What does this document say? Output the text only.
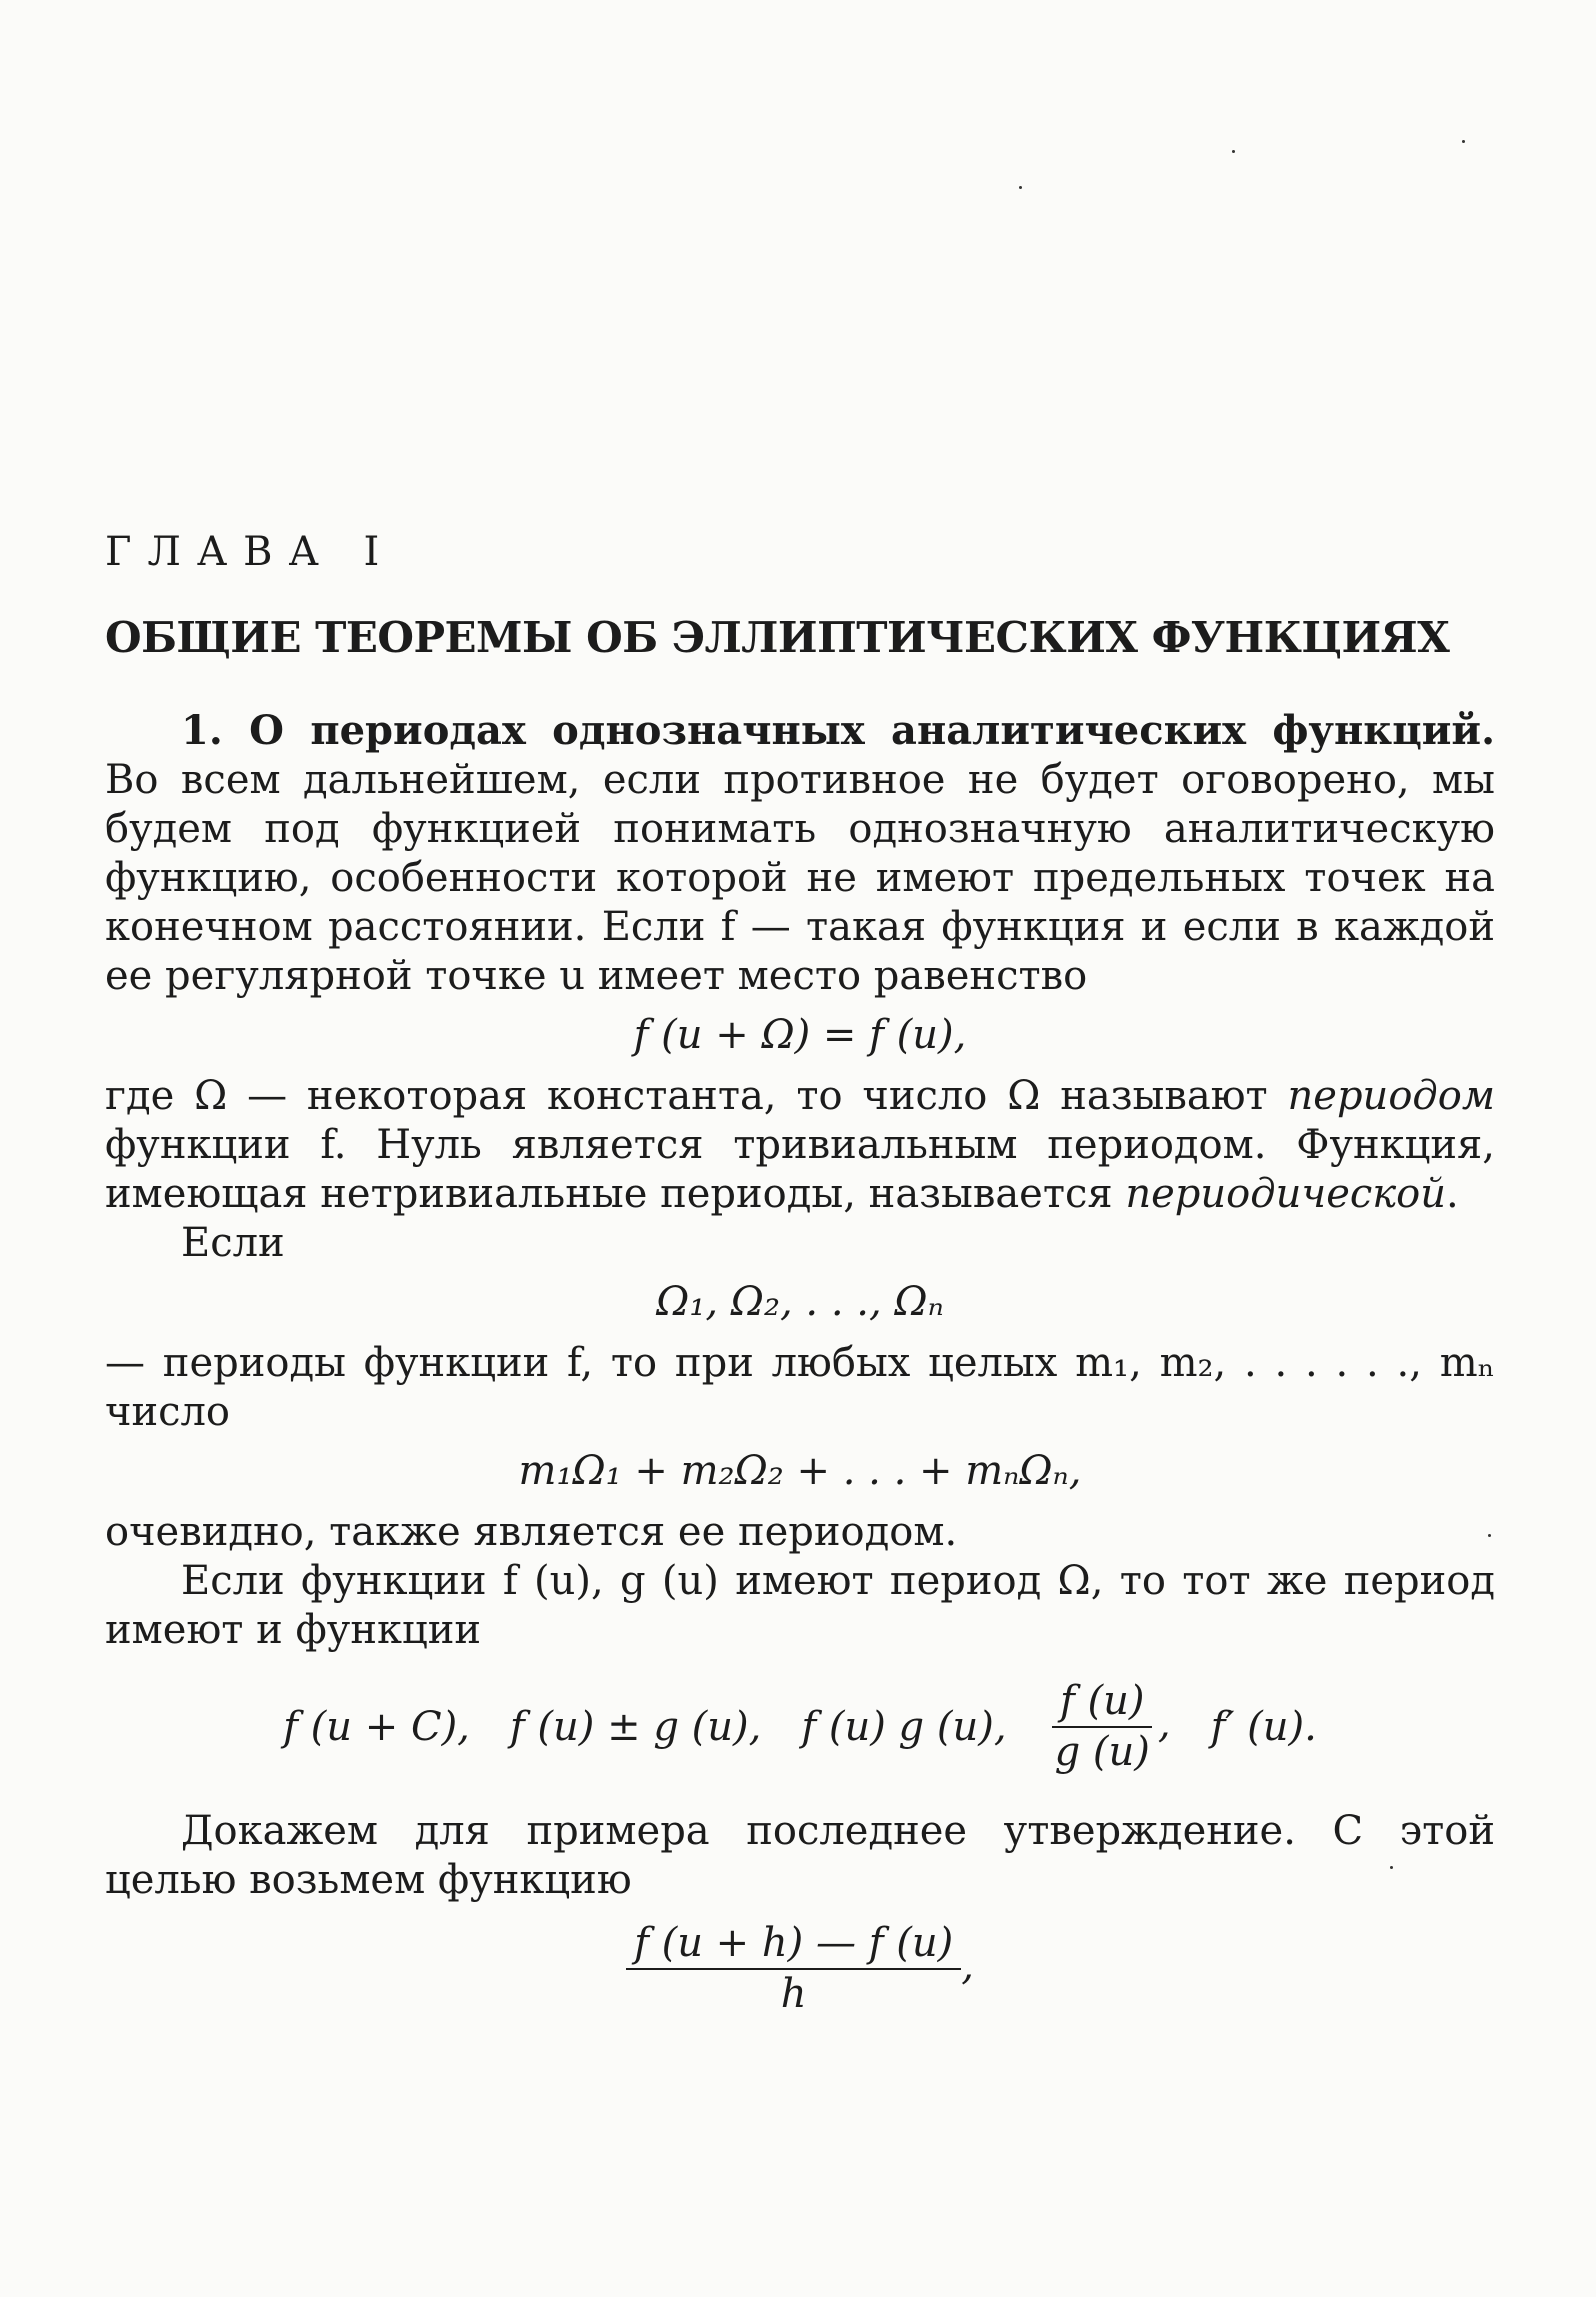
ГЛАВА I
ОБЩИЕ ТЕОРЕМЫ ОБ ЭЛЛИПТИЧЕСКИХ ФУНКЦИЯХ

1. О периодах однозначных аналитических функций. Во всем дальнейшем, если противное не будет оговорено, мы будем под функцией понимать однозначную аналитическую функцию, особенности которой не имеют предельных точек на конечном расстоянии. Если f — такая функция и если в каждой ее регулярной точке u имеет место равенство

f (u + Ω) = f (u),

где Ω — некоторая константа, то число Ω называют периодом функции f. Нуль является тривиальным периодом. Функция, имеющая нетривиальные периоды, называется периодической.

Если

Ω₁, Ω₂, . . ., Ωₙ

— периоды функции f, то при любых целых m₁, m₂, . . . . . ., mₙ число

m₁Ω₁ + m₂Ω₂ + . . . + mₙΩₙ,

очевидно, также является ее периодом.

Если функции f (u), g (u) имеют период Ω, то тот же период имеют и функции

f (u + C), f (u) ± g (u), f (u) g (u), $\frac{f (u)}{g (u)}$ , f′ (u).

Докажем для примера последнее утверждение. С этой целью возьмем функцию

$\frac{f (u + h) — f (u)}{h}$ ,
